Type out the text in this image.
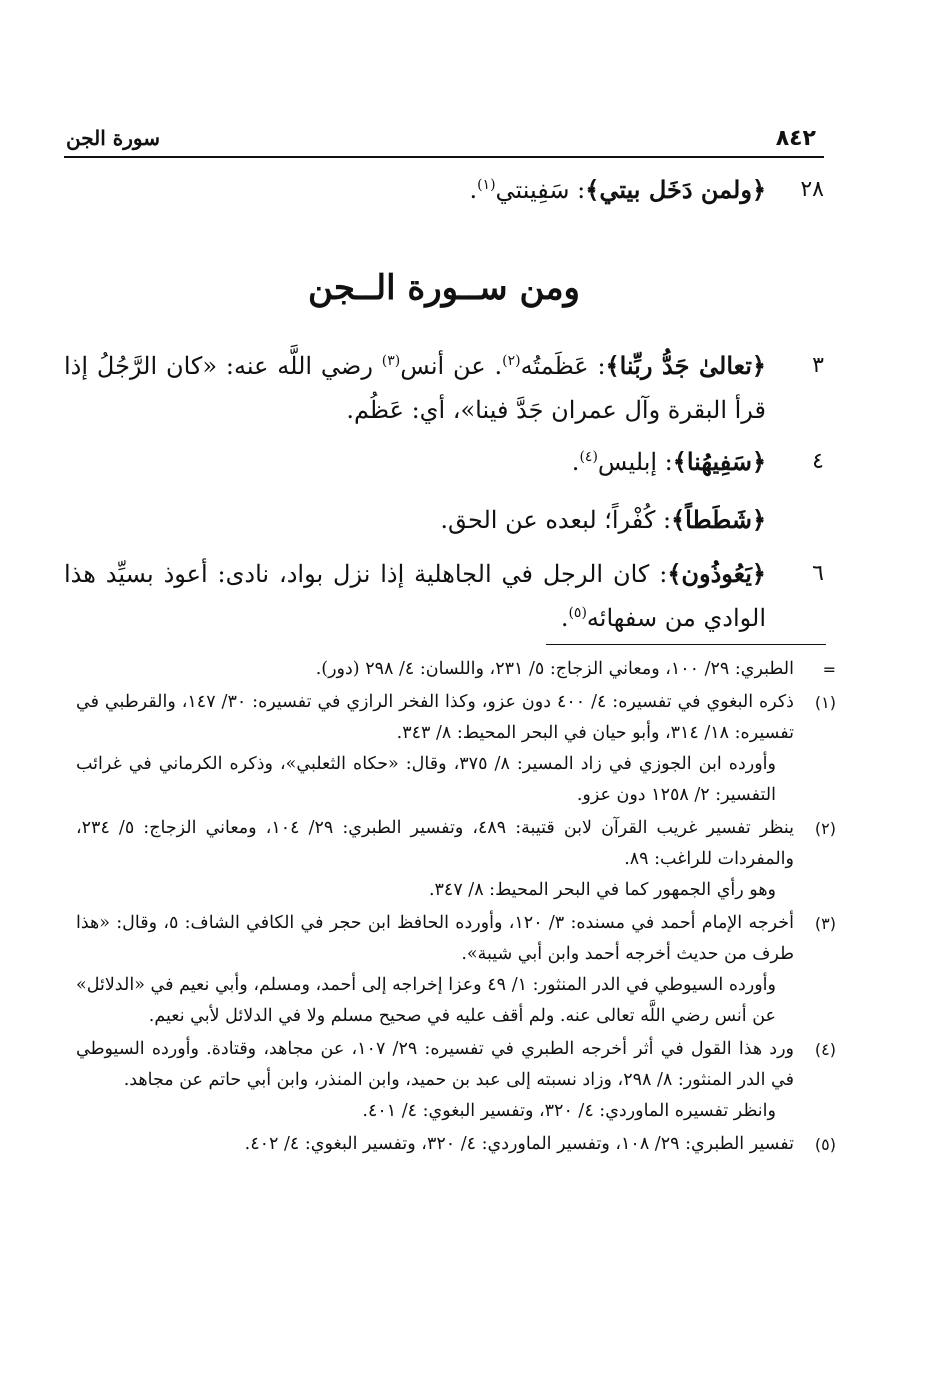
٨٤٢
سورة الجن
٢٨
﴿ولمن دَخَل بيتي﴾: سَفِينتي$^{(١)}$.
ومن ســورة الــجن
٣
﴿تعالىٰ جَدُّ ربِّنا﴾: عَظَمتُه$^{(٢)}$. عن أنس$^{(٣)}$ رضي اللَّه عنه: «كان الرَّجُلُ إذا قرأ البقرة وآل عمران جَدَّ فينا»، أي: عَظُم.
٤
﴿سَفِيهُنا﴾: إبليس$^{(٤)}$.
﴿شَطَطاً﴾: كُفْراً؛ لبعده عن الحق.
٦
﴿يَعُوذُون﴾: كان الرجل في الجاهلية إذا نزل بواد، نادى: أعوذ بسيِّد هذا الوادي من سفهائه$^{(٥)}$.
=
الطبري: ٢٩/ ١٠٠، ومعاني الزجاج: ٥/ ٢٣١، واللسان: ٤/ ٢٩٨ (دور).
(١)
ذكره البغوي في تفسيره: ٤/ ٤٠٠ دون عزو، وكذا الفخر الرازي في تفسيره: ٣٠/ ١٤٧، والقرطبي في تفسيره: ١٨/ ٣١٤، وأبو حيان في البحر المحيط: ٨/ ٣٤٣.
وأورده ابن الجوزي في زاد المسير: ٨/ ٣٧٥، وقال: «حكاه الثعلبي»، وذكره الكرماني في غرائب التفسير: ٢/ ١٢٥٨ دون عزو.
(٢)
ينظر تفسير غريب القرآن لابن قتيبة: ٤٨٩، وتفسير الطبري: ٢٩/ ١٠٤، ومعاني الزجاج: ٥/ ٢٣٤، والمفردات للراغب: ٨٩.
وهو رأي الجمهور كما في البحر المحيط: ٨/ ٣٤٧.
(٣)
أخرجه الإمام أحمد في مسنده: ٣/ ١٢٠، وأورده الحافظ ابن حجر في الكافي الشاف: ٥، وقال: «هذا طرف من حديث أخرجه أحمد وابن أبي شيبة».
وأورده السيوطي في الدر المنثور: ١/ ٤٩ وعزا إخراجه إلى أحمد، ومسلم، وأبي نعيم في «الدلائل» عن أنس رضي اللَّه تعالى عنه. ولم أقف عليه في صحيح مسلم ولا في الدلائل لأبي نعيم.
(٤)
ورد هذا القول في أثر أخرجه الطبري في تفسيره: ٢٩/ ١٠٧، عن مجاهد، وقتادة. وأورده السيوطي في الدر المنثور: ٨/ ٢٩٨، وزاد نسبته إلى عبد بن حميد، وابن المنذر، وابن أبي حاتم عن مجاهد.
وانظر تفسيره الماوردي: ٤/ ٣٢٠، وتفسير البغوي: ٤/ ٤٠١.
(٥)
تفسير الطبري: ٢٩/ ١٠٨، وتفسير الماوردي: ٤/ ٣٢٠، وتفسير البغوي: ٤/ ٤٠٢.
